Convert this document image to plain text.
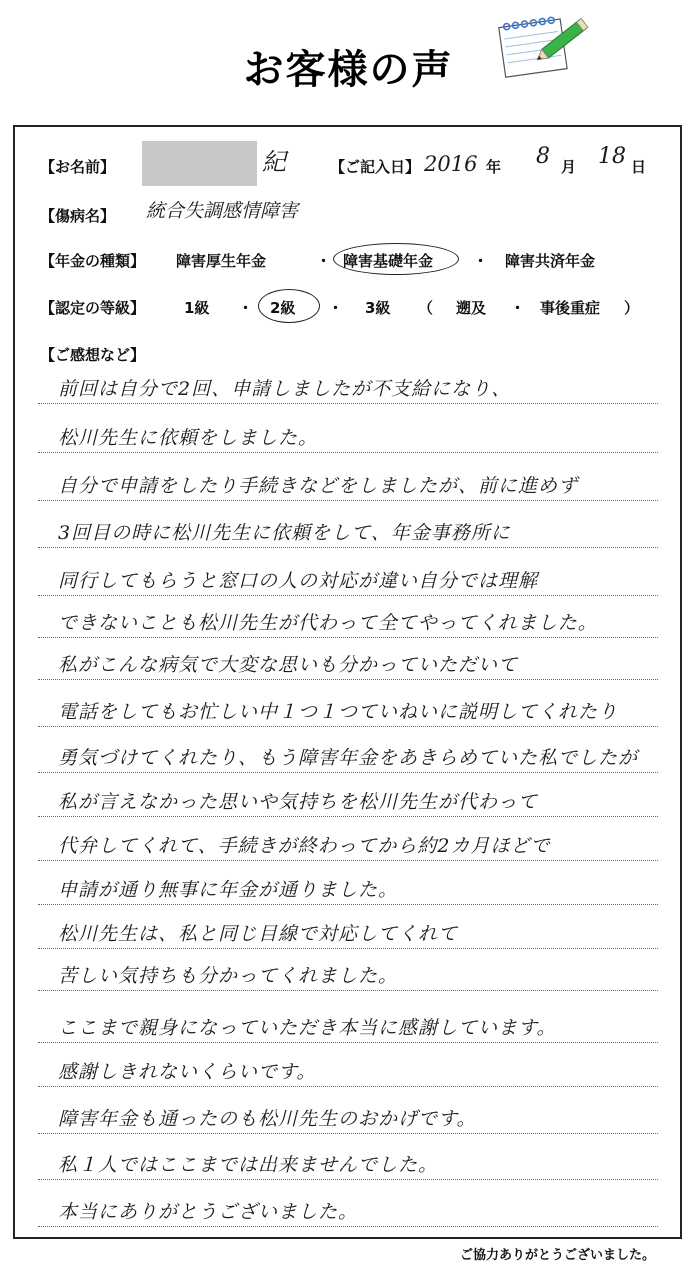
お客様の声
【お名前】	紀	【ご記入日】 2016 年 8 月 18 日
【傷病名】 統合失調感情障害
【年金の種類】 障害厚生年金	・ 障害基礎年金	・ 障害共済年金
【認定の等級】	1級 ・ 2級 ・ 3級 （ 遡及 ・ 事後重症 ）
【ご感想など】
前回は自分で2回、申請しましたが不支給になり、
松川先生に依頼をしました。
自分で申請をしたり手続きなどをしましたが、前に進めず
3回目の時に松川先生に依頼をして、年金事務所に
同行してもらうと窓口の人の対応が違い自分では理解
できないことも松川先生が代わって全てやってくれました。
私がこんな病気で大変な思いも分かっていただいて
電話をしてもお忙しい中１つ１つていねいに説明してくれたり
勇気づけてくれたり、もう障害年金をあきらめていた私でしたが
私が言えなかった思いや気持ちを松川先生が代わって
代弁してくれて、手続きが終わってから約2カ月ほどで
申請が通り無事に年金が通りました。
松川先生は、私と同じ目線で対応してくれて
苦しい気持ちも分かってくれました。
ここまで親身になっていただき本当に感謝しています。
感謝しきれないくらいです。
障害年金も通ったのも松川先生のおかげです。
私１人ではここまでは出来ませんでした。
本当にありがとうございました。
ご協力ありがとうございました。
